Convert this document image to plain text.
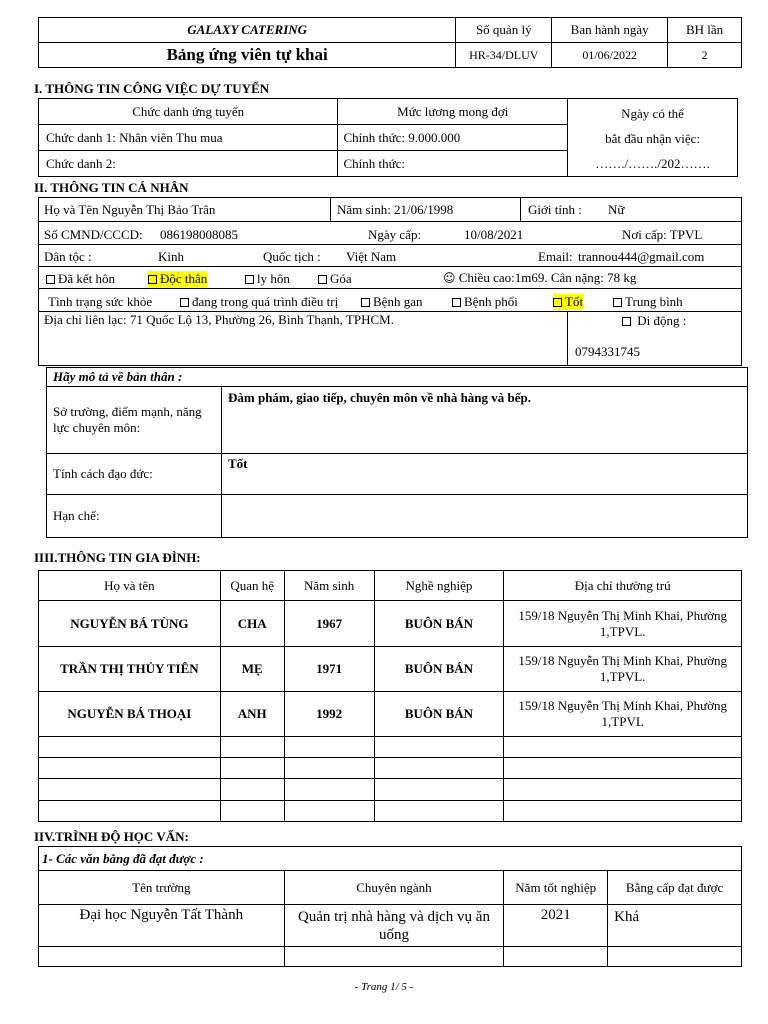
GALAXY CATERING	Số quản lý	Ban hành ngày	BH lần
Bảng ứng viên tự khai	HR-34/DLUV	01/06/2022	2
I. THÔNG TIN CÔNG VIỆC DỰ TUYỂN
Chức danh ứng tuyển	Mức lương mong đợi	Ngày có thể
bắt đầu nhận việc:
……./……./202…….

Chức danh 1: Nhân viên Thu mua	Chính thức: 9.000.000	
Chức danh 2:	Chính thức:	
II. THÔNG TIN CÁ NHÂN
Họ và Tên Nguyễn Thị Bảo Trân	Năm sinh: 21/06/1998	Giới tính : Nữ
Số CMND/CCCD: 086198008085	Ngày cấp:	10/08/2021	Nơi cấp: TPVL
Dân tộc :	Kinh	Quốc tịch : Việt Nam	Email: trannou444@gmail.com
Đã kết hôn	Độc thân	ly hôn	Góa	☺ Chiều cao:1m69. Cân nặng: 78 kg
Tình trạng sức khỏe	đang trong quá trình điều trị	Bệnh gan	Bệnh phổi	Tốt	Trung bình
Địa chỉ liên lạc: 71 Quốc Lộ 13, Phường 26, Bình Thạnh, TPHCM.	Di động :
0794331745
Hãy mô tả về bản thân :	
Sở trường, điểm mạnh, năng lực chuyên môn:	Đàm phám, giao tiếp, chuyên môn về nhà hàng và bếp.
Tính cách đạo đức:	Tốt
Hạn chế:	
IIII.THÔNG TIN GIA ĐÌNH:
Họ và tên	Quan hệ	Năm sinh	Nghề nghiệp	Địa chỉ thường trú
NGUYỄN BÁ TÙNG	CHA	1967	BUÔN BÁN	159/18 Nguyễn Thị Minh Khai, Phường 1,TPVL.
TRẦN THỊ THỦY TIÊN	MẸ	1971	BUÔN BÁN	159/18 Nguyễn Thị Minh Khai, Phường 1,TPVL.
NGUYỄN BÁ THOẠI	ANH	1992	BUÔN BÁN	159/18 Nguyễn Thị Minh Khai, Phường 1,TPVL

IIV.TRÌNH ĐỘ HỌC VẤN:
1- Các văn bằng đã đạt được :			
Tên trường	Chuyên ngành	Năm tốt nghiệp	Bằng cấp đạt được
Đại học Nguyễn Tất Thành	Quản trị nhà hàng và dịch vụ ăn uống	2021	Khá

- Trang 1/ 5 -
